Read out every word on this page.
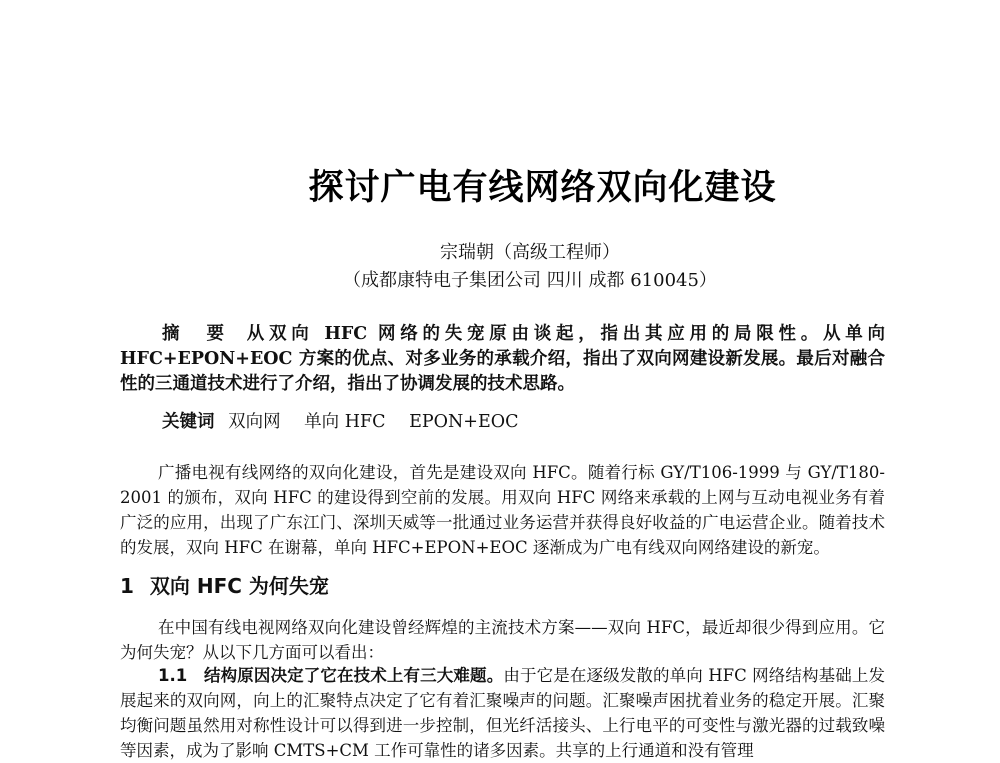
探讨广电有线网络双向化建设
宗瑞朝（高级工程师）
（成都康特电子集团公司 四川 成都 610045）
摘　要 从双向 HFC 网络的失宠原由谈起，指出其应用的局限性。从单向 HFC+EPON+EOC 方案的优点、对多业务的承载介绍，指出了双向网建设新发展。最后对融合性的三通道技术进行了介绍，指出了协调发展的技术思路。
关键词 双向网 单向 HFC EPON+EOC
广播电视有线网络的双向化建设，首先是建设双向 HFC。随着行标 GY/T106-1999 与 GY/T180-2001 的颁布，双向 HFC 的建设得到空前的发展。用双向 HFC 网络来承载的上网与互动电视业务有着广泛的应用，出现了广东江门、深圳天威等一批通过业务运营并获得良好收益的广电运营企业。随着技术的发展，双向 HFC 在谢幕，单向 HFC+EPON+EOC 逐渐成为广电有线双向网络建设的新宠。
1 双向 HFC 为何失宠
在中国有线电视网络双向化建设曾经辉煌的主流技术方案——双向 HFC，最近却很少得到应用。它为何失宠？从以下几方面可以看出：
1.1　结构原因决定了它在技术上有三大难题。由于它是在逐级发散的单向 HFC 网络结构基础上发展起来的双向网，向上的汇聚特点决定了它有着汇聚噪声的问题。汇聚噪声困扰着业务的稳定开展。汇聚均衡问题虽然用对称性设计可以得到进一步控制，但光纤活接头、上行电平的可变性与激光器的过载致噪等因素，成为了影响 CMTS+CM 工作可靠性的诸多因素。共享的上行通道和没有管理
